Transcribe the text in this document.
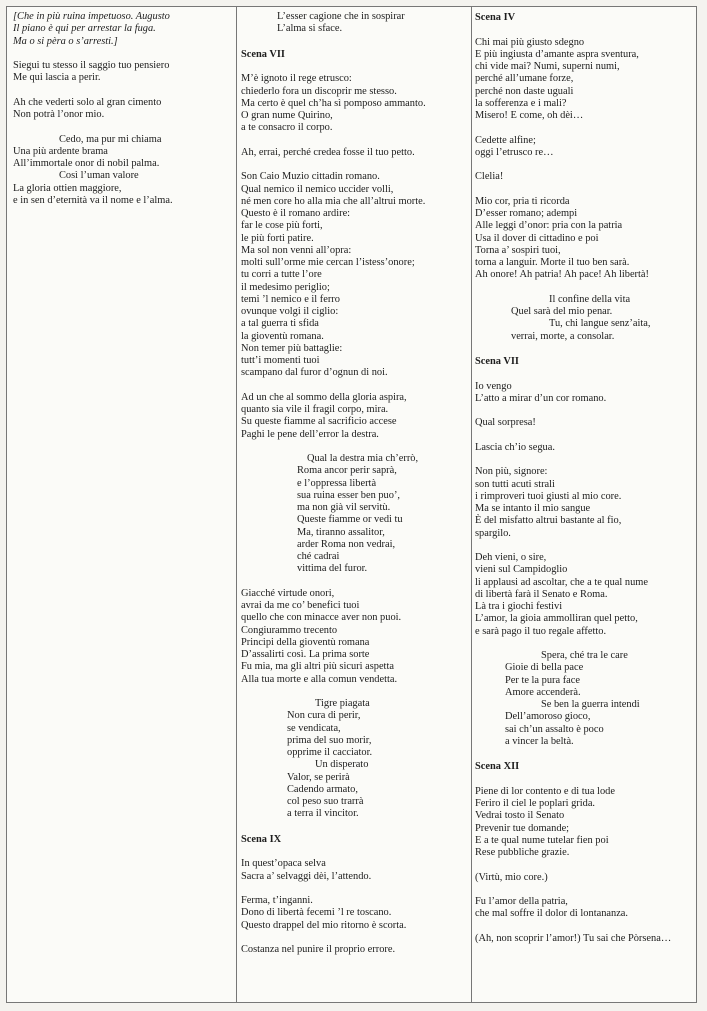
[Che in più ruina impetuoso. Augusto
Il piano è qui per arrestar la fuga.
Ma o si pèra o s’arresti.]
Siegui tu stesso il saggio tuo pensiero
Me qui lascia a perir.
Ah che vederti solo al gran cimento
Non potrà l’onor mio.
Cedo, ma pur mi chiama
Una più ardente brama
All’immortale onor di nobil palma.
Così l’uman valore
La gloria ottien maggiore,
e in sen d’eternità va il nome e l’alma.
L’esser cagione che in sospirar
L’alma si sface.
Scena VII
M’è ignoto il rege etrusco:
chiederlo fora un discoprir me stesso.
Ma certo è quel ch’ha sì pomposo ammanto.
O gran nume Quirino,
a te consacro il corpo.
Ah, errai, perché credea fosse il tuo petto.
Son Caio Muzio cittadin romano.
Qual nemico il nemico uccider volli,
né men core ho alla mia che all’altrui morte.
Questo è il romano ardire:
far le cose più forti,
le più forti patire.
Ma sol non venni all’opra:
molti sull’orme mie cercan l’istess’onore;
tu corri a tutte l’ore
il medesimo periglio;
temi ’l nemico e il ferro
ovunque volgi il ciglio:
a tal guerra ti sfida
la gioventù romana.
Non temer più battaglie:
tutt’i momenti tuoi
scampano dal furor d’ognun di noi.
Ad un che al sommo della gloria aspira,
quanto sia vile il fragil corpo, mira.
Su queste fiamme al sacrificio accese
Paghi le pene dell’error la destra.
Qual la destra mia ch’errò,
Roma ancor perir saprà,
e l’oppressa libertà
sua ruina esser ben puo’,
ma non già vil servitù.
Queste fiamme or vedi tu
Ma, tiranno assalitor,
arder Roma non vedrai,
ché cadrai
vittima del furor.
Giacché virtude onori,
avrai da me co’ benefici tuoi
quello che con minacce aver non puoi.
Congiurammo trecento
Principi della gioventù romana
D’assalirti così. La prima sorte
Fu mia, ma gli altri più sicuri aspetta
Alla tua morte e alla comun vendetta.
Tigre piagata
Non cura di perir,
se vendicata,
prima del suo morir,
opprime il cacciator.
Un disperato
Valor, se perirà
Cadendo armato,
col peso suo trarrà
a terra il vincitor.
Scena IX
In quest’opaca selva
Sacra a’ selvaggi dèi, l’attendo.
Ferma, t’inganni.
Dono di libertà fecemi ’l re toscano.
Questo drappel del mio ritorno è scorta.
Costanza nel punire il proprio errore.
Scena IV
Chi mai più giusto sdegno
E più ingiusta d’amante aspra sventura,
chi vide mai? Numi, superni numi,
perché all’umane forze,
perché non daste uguali
la sofferenza e i mali?
Misero! E come, oh dèi…
Cedette alfine;
oggi l’etrusco re…
Clelia!
Mio cor, pria ti ricorda
D’esser romano; adempi
Alle leggi d’onor: pria con la patria
Usa il dover di cittadino e poi
Torna a’ sospiri tuoi,
torna a languir. Morte il tuo ben sarà.
Ah onore! Ah patria! Ah pace! Ah libertà!
Il confine della vita
Quel sarà del mio penar.
Tu, chi langue senz’aita,
verrai, morte, a consolar.
Scena VII
Io vengo
L’atto a mirar d’un cor romano.
Qual sorpresa!
Lascia ch’io segua.
Non più, signore:
son tutti acuti strali
i rimproveri tuoi giusti al mio core.
Ma se intanto il mio sangue
È del misfatto altrui bastante al fio,
spargilo.
Deh vieni, o sire,
vieni sul Campidoglio
li applausi ad ascoltar, che a te qual nume
di libertà farà il Senato e Roma.
Là tra i giochi festivi
L’amor, la gioia ammolliran quel petto,
e sarà pago il tuo regale affetto.
Spera, ché tra le care
Gioie di bella pace
Per te la pura face
Amore accenderà.
Se ben la guerra intendi
Dell’amoroso gioco,
sai ch’un assalto è poco
a vincer la beltà.
Scena XII
Piene di lor contento e di tua lode
Feriro il ciel le poplari grida.
Vedrai tosto il Senato
Prevenir tue domande;
E a te qual nume tutelar fien poi
Rese pubbliche grazie.
(Virtù, mio core.)
Fu l’amor della patria,
che mal soffre il dolor di lontananza.
(Ah, non scoprir l’amor!) Tu sai che Pòrsena…
